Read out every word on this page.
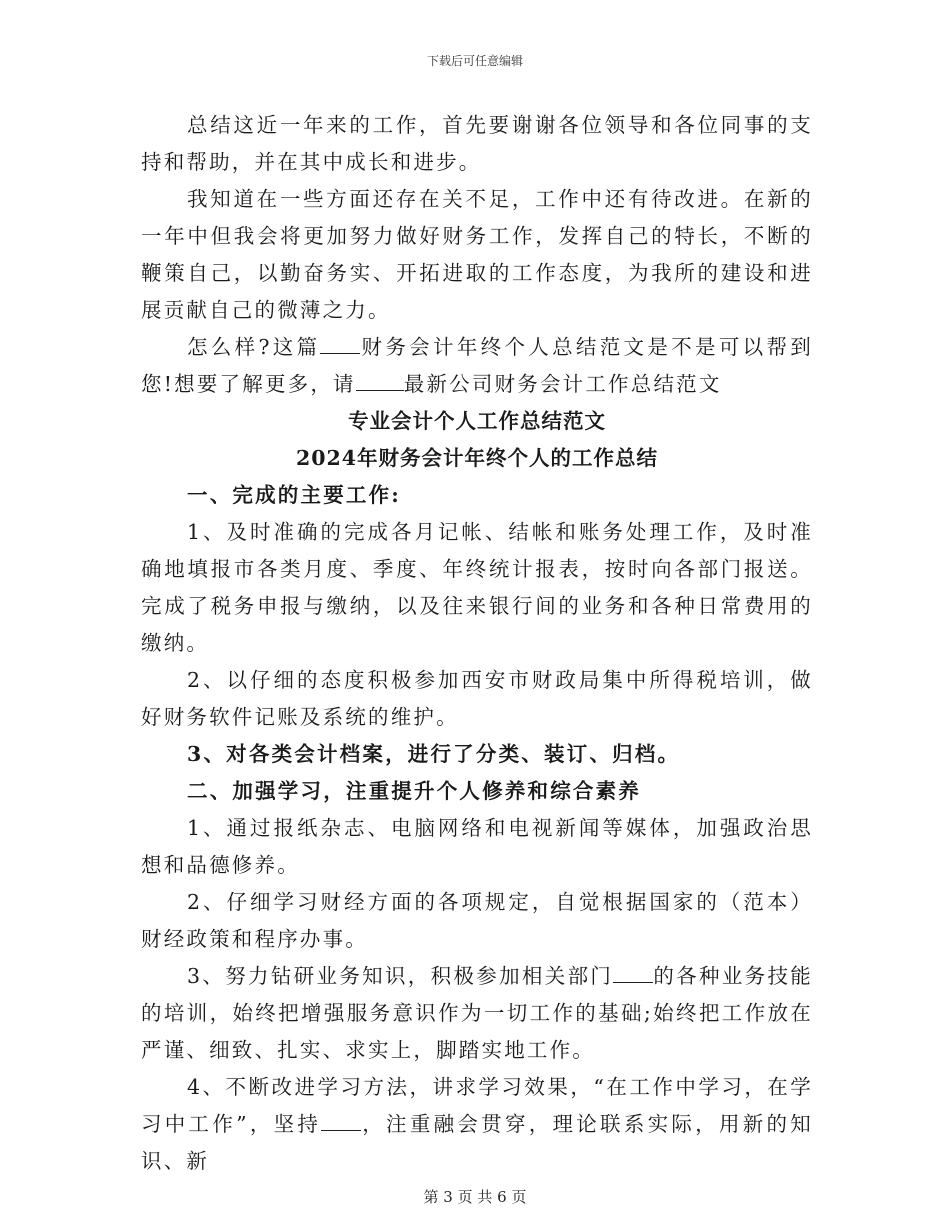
下载后可任意编辑

总结这近一年来的工作，首先要谢谢各位领导和各位同事的支持和帮助，并在其中成长和进步。

我知道在一些方面还存在关不足，工作中还有待改进。在新的一年中但我会将更加努力做好财务工作，发挥自己的特长，不断的鞭策自己，以勤奋务实、开拓进取的工作态度，为我所的建设和进展贡献自己的微薄之力。

怎么样?这篇 财务会计年终个人总结范文是不是可以帮到您!想要了解更多，请 最新公司财务会计工作总结范文

专业会计个人工作总结范文

2024年财务会计年终个人的工作总结

一、完成的主要工作:

1、及时准确的完成各月记帐、结帐和账务处理工作，及时准确地填报市各类月度、季度、年终统计报表，按时向各部门报送。完成了税务申报与缴纳，以及往来银行间的业务和各种日常费用的缴纳。

2、以仔细的态度积极参加西安市财政局集中所得税培训，做好财务软件记账及系统的维护。

3、对各类会计档案，进行了分类、装订、归档。

二、加强学习，注重提升个人修养和综合素养

1、通过报纸杂志、电脑网络和电视新闻等媒体，加强政治思想和品德修养。

2、仔细学习财经方面的各项规定，自觉根据国家的（范本）财经政策和程序办事。

3、努力钻研业务知识，积极参加相关部门 的各种业务技能的培训，始终把增强服务意识作为一切工作的基础;始终把工作放在严谨、细致、扎实、求实上，脚踏实地工作。

4、不断改进学习方法，讲求学习效果，“在工作中学习，在学习中工作”，坚持 ，注重融会贯穿，理论联系实际，用新的知识、新

第 3 页 共 6 页
